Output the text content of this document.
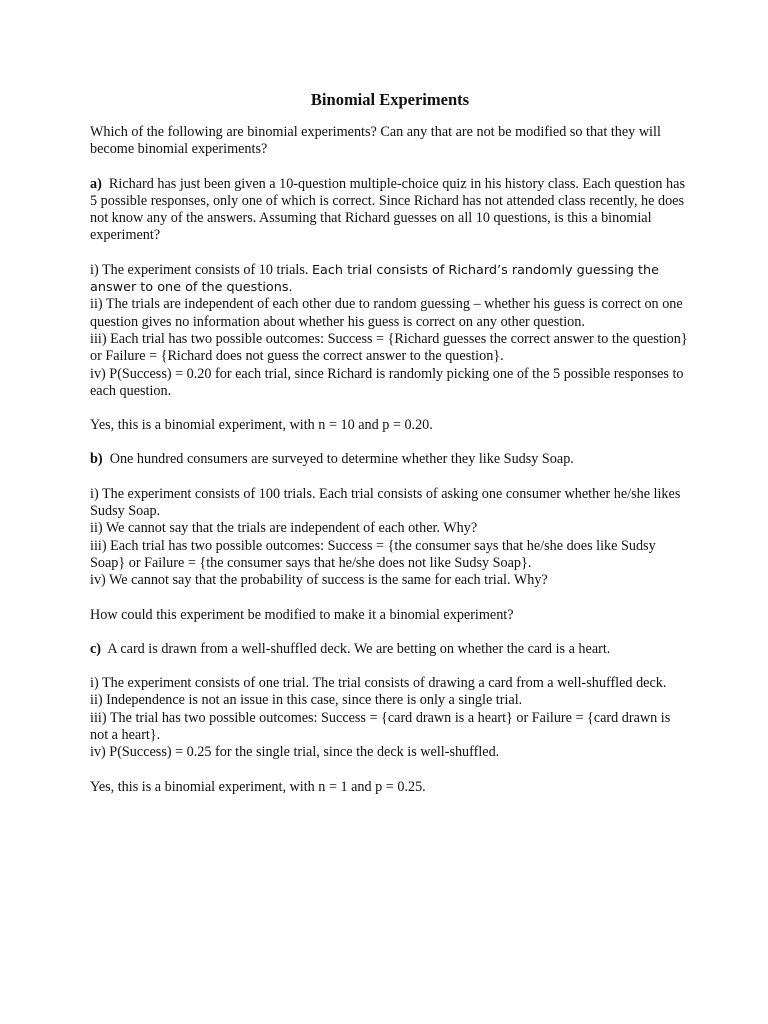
Binomial Experiments

Which of the following are binomial experiments? Can any that are not be modified so that they will become binomial experiments?

a) Richard has just been given a 10-question multiple-choice quiz in his history class. Each question has 5 possible responses, only one of which is correct. Since Richard has not attended class recently, he does not know any of the answers. Assuming that Richard guesses on all 10 questions, is this a binomial experiment?

i) The experiment consists of 10 trials. Each trial consists of Richard’s randomly guessing the answer to one of the questions.
ii) The trials are independent of each other due to random guessing – whether his guess is correct on one question gives no information about whether his guess is correct on any other question.
iii) Each trial has two possible outcomes: Success = {Richard guesses the correct answer to the question} or Failure = {Richard does not guess the correct answer to the question}.
iv) P(Success) = 0.20 for each trial, since Richard is randomly picking one of the 5 possible responses to each question.

Yes, this is a binomial experiment, with n = 10 and p = 0.20.

b) One hundred consumers are surveyed to determine whether they like Sudsy Soap.

i) The experiment consists of 100 trials. Each trial consists of asking one consumer whether he/she likes Sudsy Soap.
ii) We cannot say that the trials are independent of each other. Why?
iii) Each trial has two possible outcomes: Success = {the consumer says that he/she does like Sudsy Soap} or Failure = {the consumer says that he/she does not like Sudsy Soap}.
iv) We cannot say that the probability of success is the same for each trial. Why?

How could this experiment be modified to make it a binomial experiment?

c) A card is drawn from a well-shuffled deck. We are betting on whether the card is a heart.

i) The experiment consists of one trial. The trial consists of drawing a card from a well-shuffled deck.
ii) Independence is not an issue in this case, since there is only a single trial.
iii) The trial has two possible outcomes: Success = {card drawn is a heart} or Failure = {card drawn is not a heart}.
iv) P(Success) = 0.25 for the single trial, since the deck is well-shuffled.

Yes, this is a binomial experiment, with n = 1 and p = 0.25.
